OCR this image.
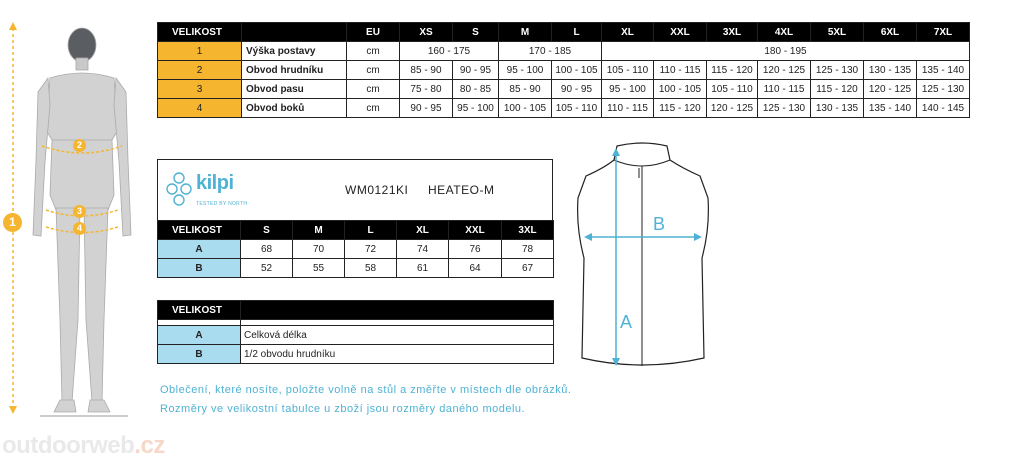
1
2
3
4
VELIKOST		EU	XS	S	M	L	XL	XXL	3XL	4XL	5XL	6XL	7XL
1	Výška postavy	cm	160 - 175		170 - 185		180 - 195						
2	Obvod hrudníku	cm	85 - 90	90 - 95	95 - 100	100 - 105	105 - 110	110 - 115	115 - 120	120 - 125	125 - 130	130 - 135	135 - 140
3	Obvod pasu	cm	75 - 80	80 - 85	85 - 90	90 - 95	95 - 100	100 - 105	105 - 110	110 - 115	115 - 120	120 - 125	125 - 130
4	Obvod boků	cm	90 - 95	95 - 100	100 - 105	105 - 110	110 - 115	115 - 120	120 - 125	125 - 130	130 - 135	135 - 140	140 - 145
kilpi
TESTED BY NORTH
WM0121KI HEATEO-M
VELIKOST	S	M	L	XL	XXL	3XL
A	68	70	72	74	76	78
B	52	55	58	61	64	67
VELIKOST	

A	Celková délka
B	1/2 obvodu hrudníku
B
A
Oblečení, které nosíte, položte volně na stůl a změřte v místech dle obrázků.
Rozměry ve velikostní tabulce u zboží jsou rozměry daného modelu.
outdoorweb.cz
